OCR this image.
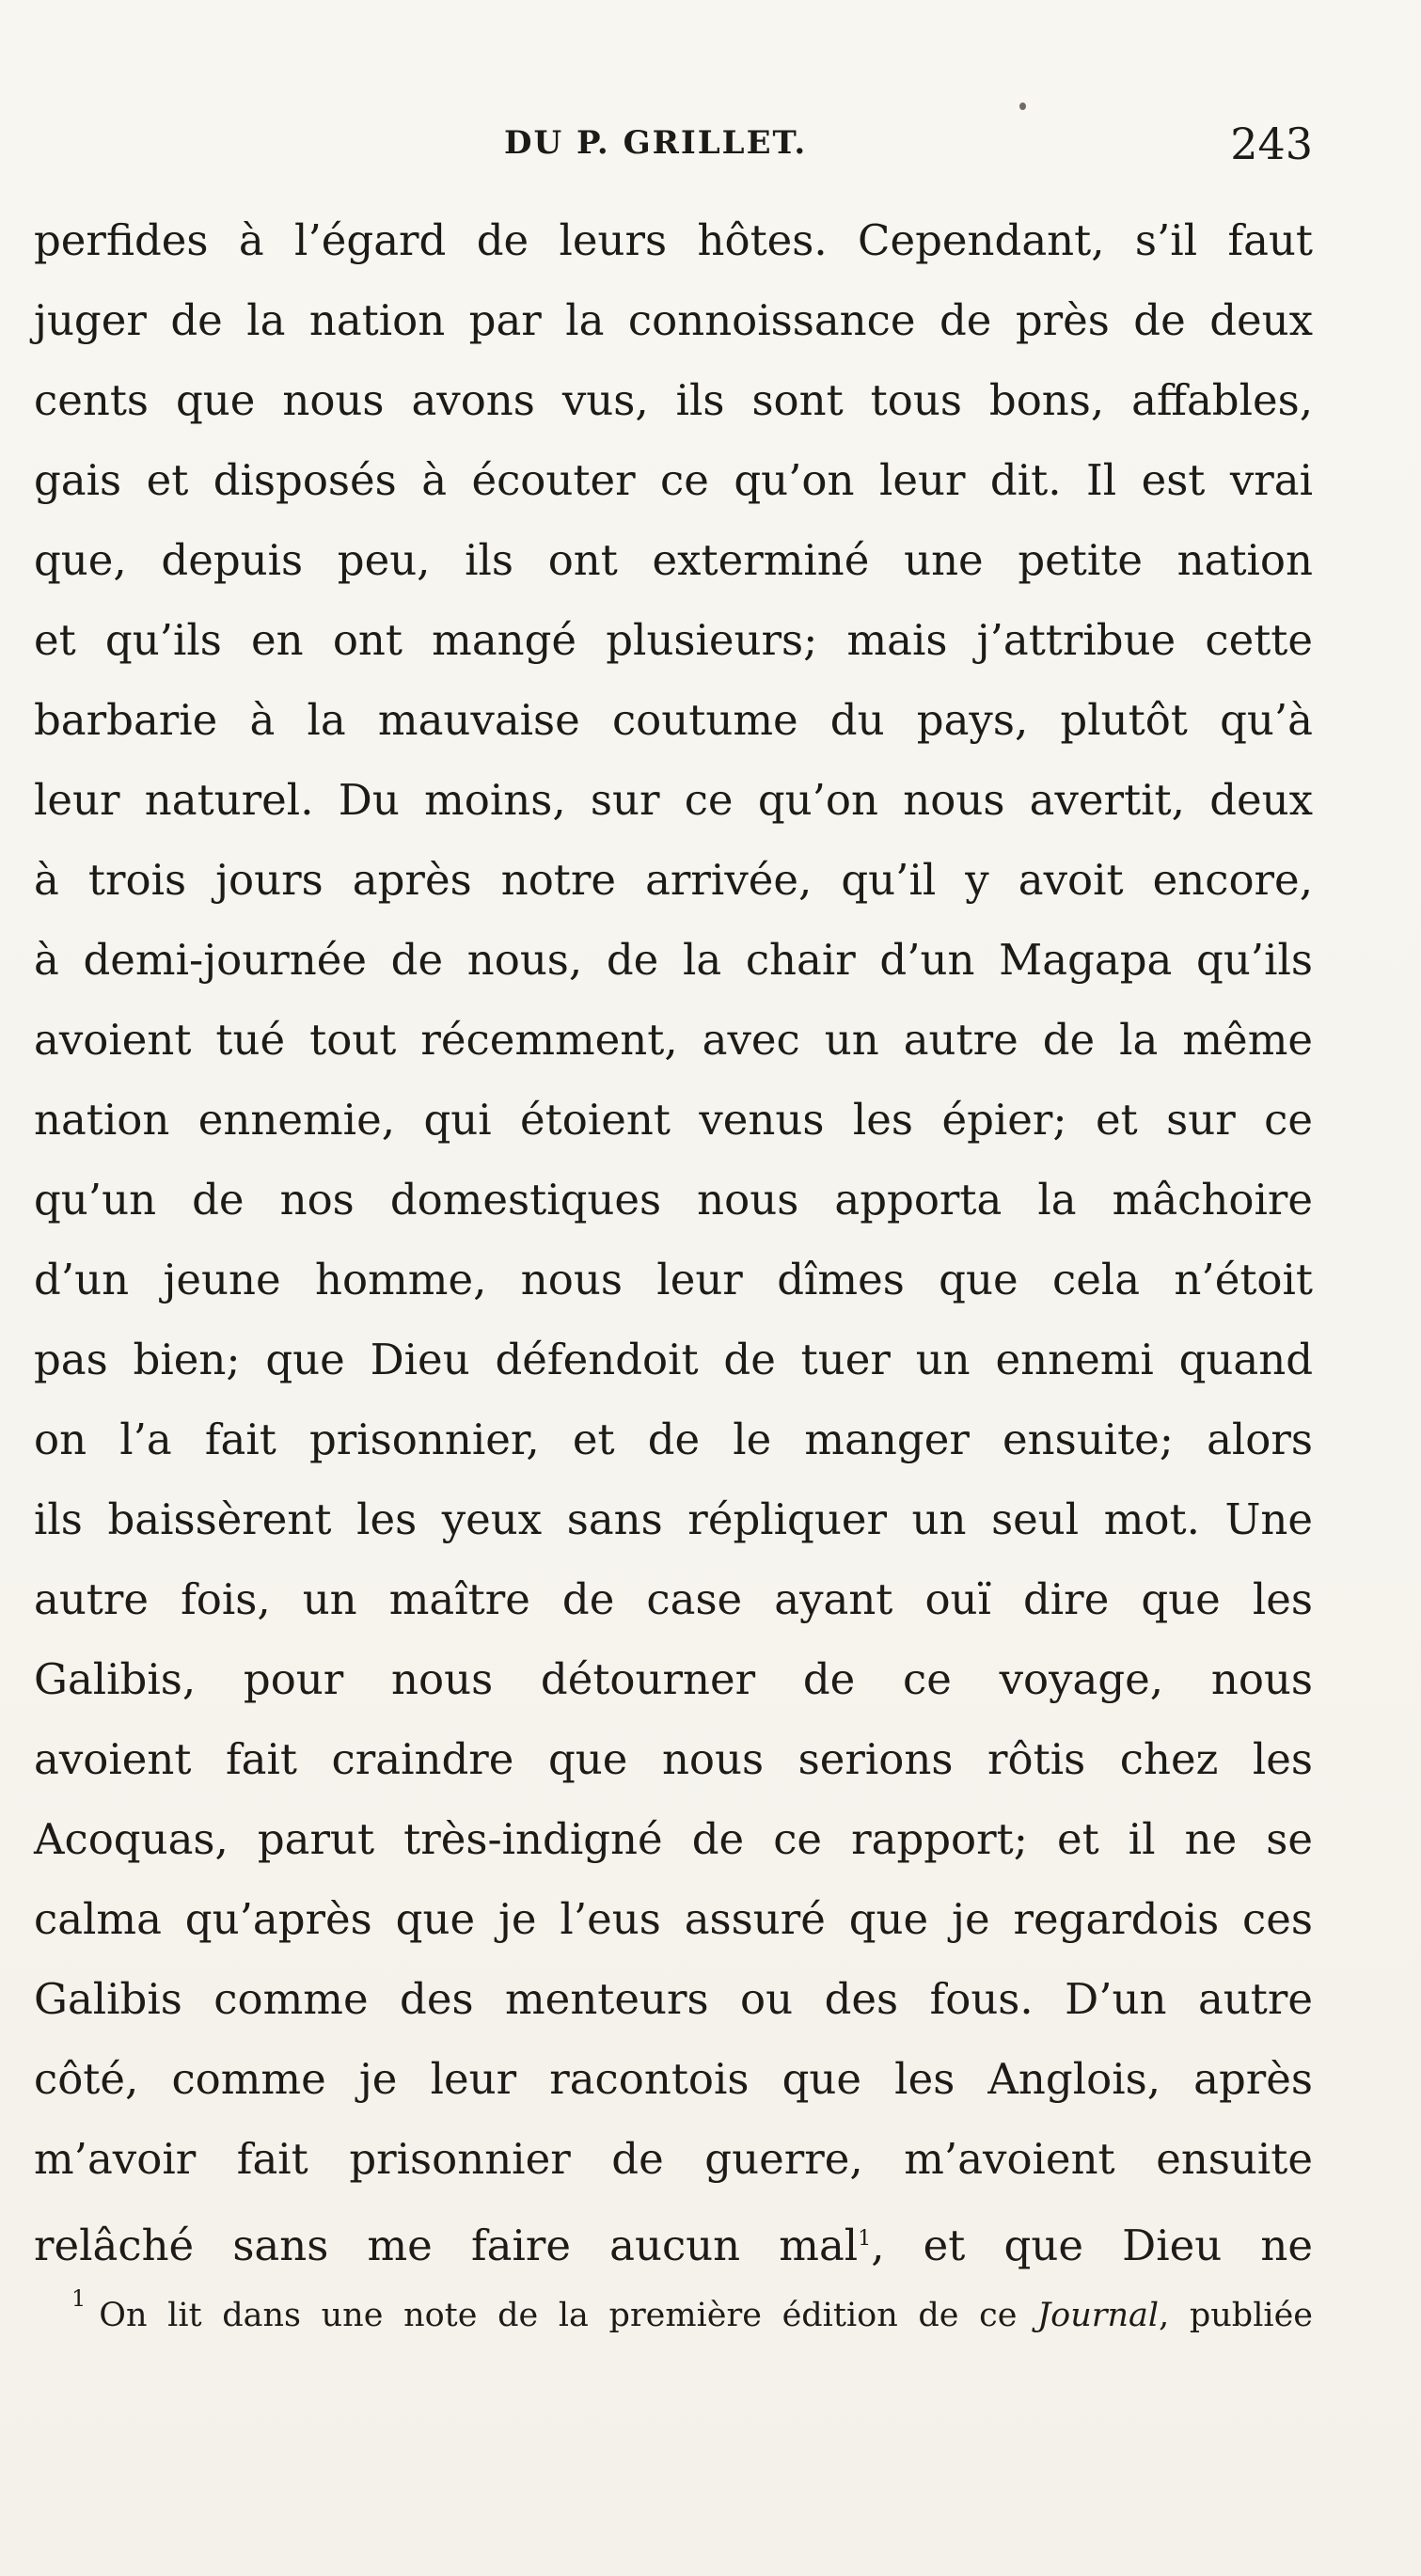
DU P. GRILLET.	243
perfides à l’égard de leurs hôtes. Cependant, s’il faut
juger de la nation par la connoissance de près de deux
cents que nous avons vus, ils sont tous bons, affables,
gais et disposés à écouter ce qu’on leur dit. Il est vrai
que, depuis peu, ils ont exterminé une petite nation
et qu’ils en ont mangé plusieurs; mais j’attribue cette
barbarie à la mauvaise coutume du pays, plutôt qu’à
leur naturel. Du moins, sur ce qu’on nous avertit, deux
à trois jours après notre arrivée, qu’il y avoit encore,
à demi-journée de nous, de la chair d’un Magapa qu’ils
avoient tué tout récemment, avec un autre de la même
nation ennemie, qui étoient venus les épier; et sur ce
qu’un de nos domestiques nous apporta la mâchoire
d’un jeune homme, nous leur dîmes que cela n’étoit
pas bien; que Dieu défendoit de tuer un ennemi quand
on l’a fait prisonnier, et de le manger ensuite; alors
ils baissèrent les yeux sans répliquer un seul mot. Une
autre fois, un maître de case ayant ouï dire que les
Galibis, pour nous détourner de ce voyage, nous
avoient fait craindre que nous serions rôtis chez les
Acoquas, parut très-indigné de ce rapport; et il ne se
calma qu’après que je l’eus assuré que je regardois ces
Galibis comme des menteurs ou des fous. D’un autre
côté, comme je leur racontois que les Anglois, après
m’avoir fait prisonnier de guerre, m’avoient ensuite
relâché sans me faire aucun mal$^1$, et que Dieu ne
$^1$ On lit dans une note de la première édition de ce Journal, publiée
